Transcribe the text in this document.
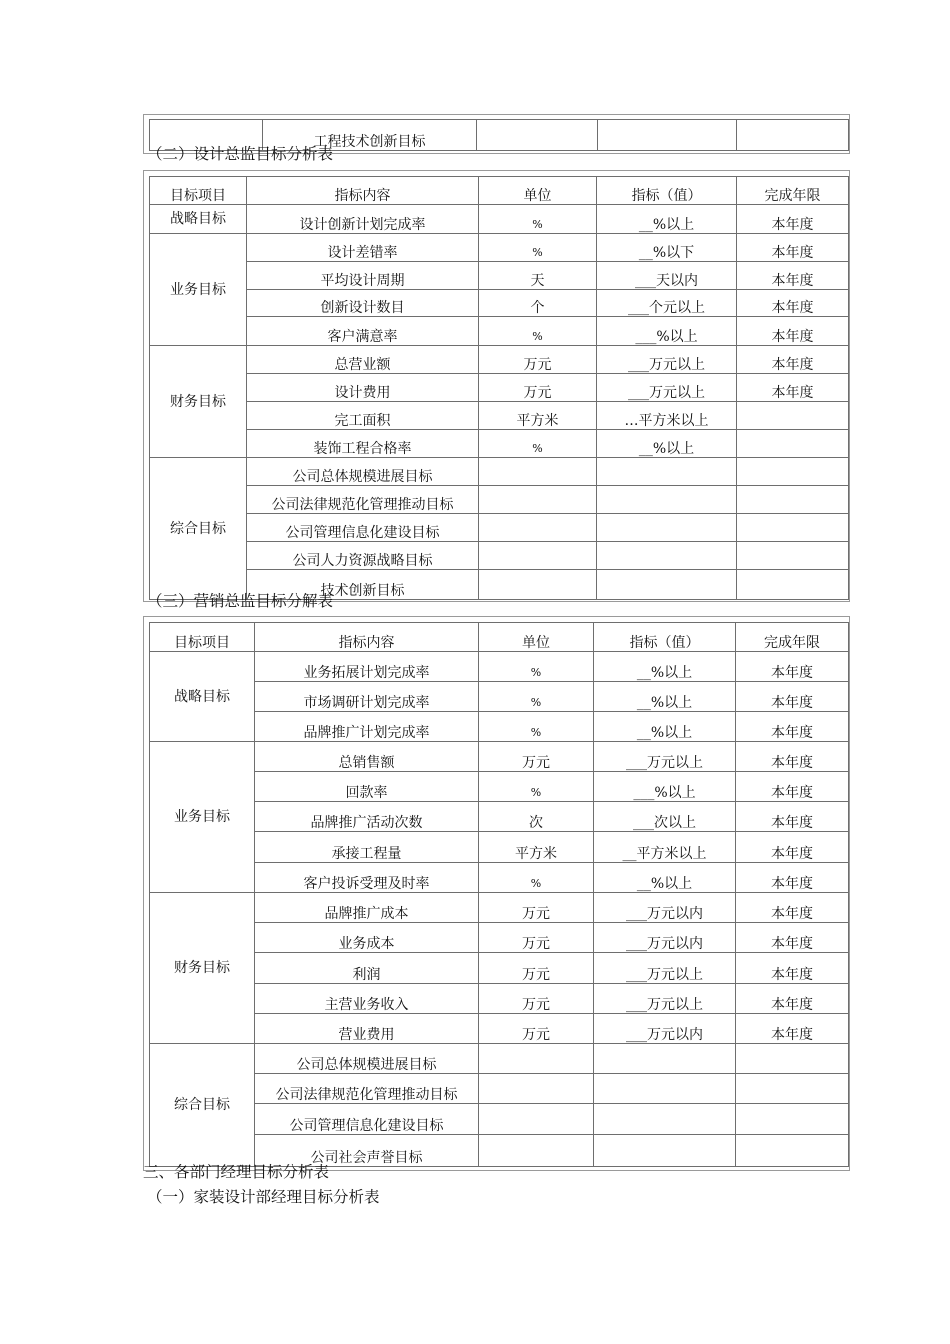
	工程技术创新目标			
（二）设计总监目标分析表
目标项目	指标内容	单位	指标（值）	完成年限
战略目标	设计创新计划完成率	%	__%以上	本年度
业务目标	设计差错率	%	__%以下	本年度
	平均设计周期	天	___天以内	本年度
	创新设计数目	个	___个元以上	本年度
	客户满意率	%	___%以上	本年度
财务目标	总营业额	万元	___万元以上	本年度
	设计费用	万元	___万元以上	本年度
	完工面积	平方米	…平方米以上	
	装饰工程合格率	%	__%以上	
综合目标	公司总体规模进展目标			
	公司法律规范化管理推动目标			
	公司管理信息化建设目标			
	公司人力资源战略目标			
	技术创新目标			
（三）营销总监目标分解表
目标项目	指标内容	单位	指标（值）	完成年限
战略目标	业务拓展计划完成率	%	__%以上	本年度
	市场调研计划完成率	%	__%以上	本年度
	品牌推广计划完成率	%	__%以上	本年度
业务目标	总销售额	万元	___万元以上	本年度
	回款率	%	___%以上	本年度
	品牌推广活动次数	次	___次以上	本年度
	承接工程量	平方米	__平方米以上	本年度
	客户投诉受理及时率	%	__%以上	本年度
财务目标	品牌推广成本	万元	___万元以内	本年度
	业务成本	万元	___万元以内	本年度
	利润	万元	___万元以上	本年度
	主营业务收入	万元	___万元以上	本年度
	营业费用	万元	___万元以内	本年度
综合目标	公司总体规模进展目标			
	公司法律规范化管理推动目标			
	公司管理信息化建设目标			
	公司社会声誉目标			
三、各部门经理目标分析表
（一）家装设计部经理目标分析表
